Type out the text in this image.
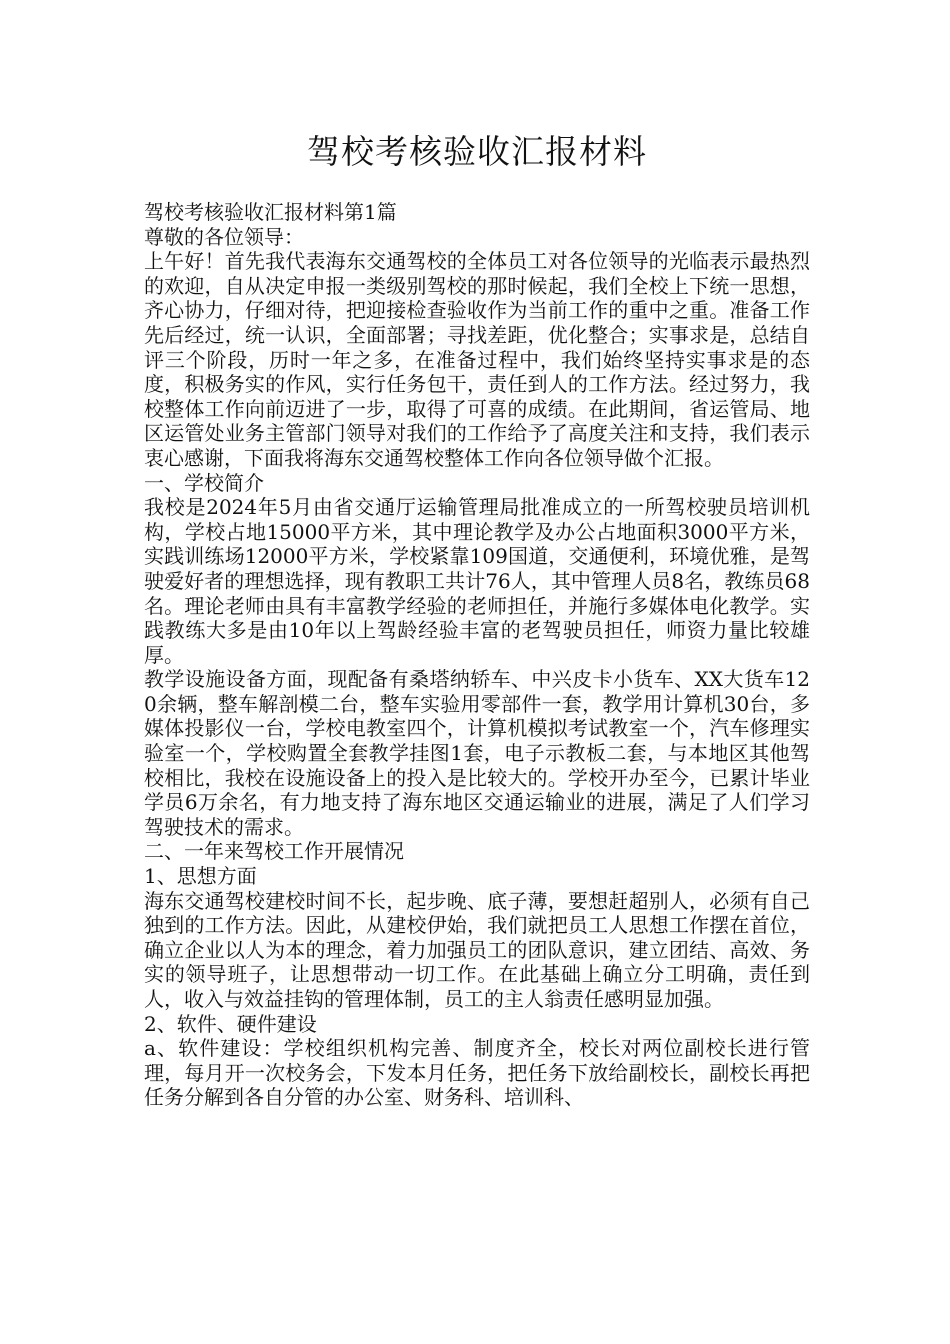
驾校考核验收汇报材料

驾校考核验收汇报材料第1篇

尊敬的各位领导：

上午好！首先我代表海东交通驾校的全体员工对各位领导的光临表示最热烈的欢迎，自从决定申报一类级别驾校的那时候起，我们全校上下统一思想，齐心协力，仔细对待，把迎接检查验收作为当前工作的重中之重。准备工作先后经过，统一认识，全面部署；寻找差距，优化整合；实事求是，总结自评三个阶段，历时一年之多，在准备过程中，我们始终坚持实事求是的态度，积极务实的作风，实行任务包干，责任到人的工作方法。经过努力，我校整体工作向前迈进了一步，取得了可喜的成绩。在此期间，省运管局、地区运管处业务主管部门领导对我们的工作给予了高度关注和支持，我们表示衷心感谢，下面我将海东交通驾校整体工作向各位领导做个汇报。

一、学校简介

我校是2024年5月由省交通厅运输管理局批准成立的一所驾校驶员培训机构，学校占地15000平方米，其中理论教学及办公占地面积3000平方米，实践训练场12000平方米，学校紧靠109国道，交通便利，环境优雅，是驾驶爱好者的理想选择，现有教职工共计76人，其中管理人员8名，教练员68名。理论老师由具有丰富教学经验的老师担任，并施行多媒体电化教学。实践教练大多是由10年以上驾龄经验丰富的老驾驶员担任，师资力量比较雄厚。

教学设施设备方面，现配备有桑塔纳轿车、中兴皮卡小货车、XX大货车120余辆，整车解剖模二台，整车实验用零部件一套，教学用计算机30台，多媒体投影仪一台，学校电教室四个，计算机模拟考试教室一个，汽车修理实验室一个，学校购置全套教学挂图1套，电子示教板二套，与本地区其他驾校相比，我校在设施设备上的投入是比较大的。学校开办至今，已累计毕业学员6万余名，有力地支持了海东地区交通运输业的进展，满足了人们学习驾驶技术的需求。

二、一年来驾校工作开展情况

1、思想方面

海东交通驾校建校时间不长，起步晚、底子薄，要想赶超别人，必须有自己独到的工作方法。因此，从建校伊始，我们就把员工人思想工作摆在首位，确立企业以人为本的理念，着力加强员工的团队意识，建立团结、高效、务实的领导班子，让思想带动一切工作。在此基础上确立分工明确，责任到人，收入与效益挂钩的管理体制，员工的主人翁责任感明显加强。

2、软件、硬件建设

a、软件建设：学校组织机构完善、制度齐全，校长对两位副校长进行管理，每月开一次校务会，下发本月任务，把任务下放给副校长，副校长再把任务分解到各自分管的办公室、财务科、培训科、
